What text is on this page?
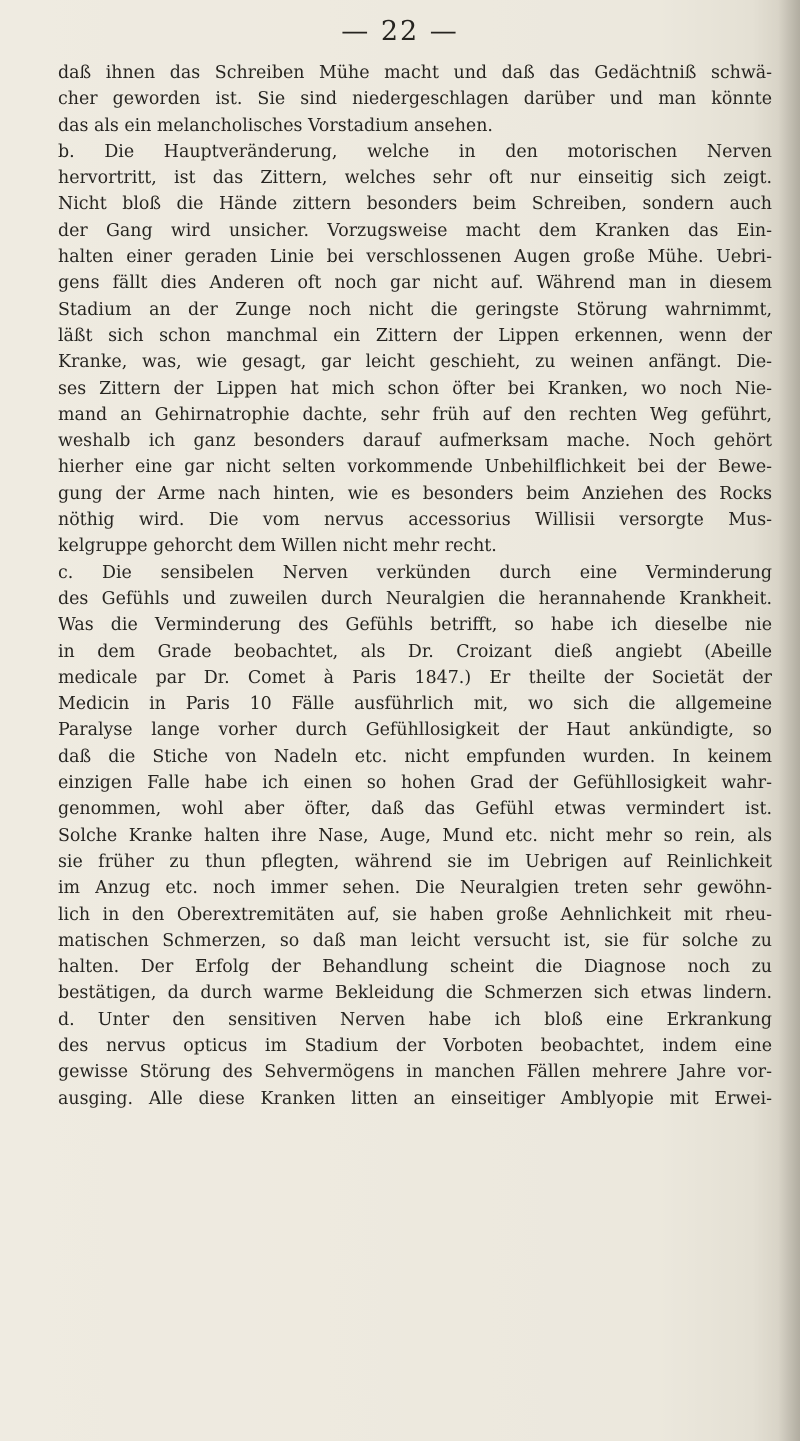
— 22 —
daß ihnen das Schreiben Mühe macht und daß das Gedächtniß schwä-
cher geworden ist. Sie sind niedergeschlagen darüber und man könnte
das als ein melancholisches Vorstadium ansehen.
b. Die Hauptveränderung, welche in den motorischen Nerven
hervortritt, ist das Zittern, welches sehr oft nur einseitig sich zeigt.
Nicht bloß die Hände zittern besonders beim Schreiben, sondern auch
der Gang wird unsicher. Vorzugsweise macht dem Kranken das Ein-
halten einer geraden Linie bei verschlossenen Augen große Mühe. Uebri-
gens fällt dies Anderen oft noch gar nicht auf. Während man in diesem
Stadium an der Zunge noch nicht die geringste Störung wahrnimmt,
läßt sich schon manchmal ein Zittern der Lippen erkennen, wenn der
Kranke, was, wie gesagt, gar leicht geschieht, zu weinen anfängt. Die-
ses Zittern der Lippen hat mich schon öfter bei Kranken, wo noch Nie-
mand an Gehirnatrophie dachte, sehr früh auf den rechten Weg geführt,
weshalb ich ganz besonders darauf aufmerksam mache. Noch gehört
hierher eine gar nicht selten vorkommende Unbehilflichkeit bei der Bewe-
gung der Arme nach hinten, wie es besonders beim Anziehen des Rocks
nöthig wird. Die vom nervus accessorius Willisii versorgte Mus-
kelgruppe gehorcht dem Willen nicht mehr recht.
c. Die sensibelen Nerven verkünden durch eine Verminderung
des Gefühls und zuweilen durch Neuralgien die herannahende Krankheit.
Was die Verminderung des Gefühls betrifft, so habe ich dieselbe nie
in dem Grade beobachtet, als Dr. Croizant dieß angiebt (Abeille
medicale par Dr. Comet à Paris 1847.) Er theilte der Societät der
Medicin in Paris 10 Fälle ausführlich mit, wo sich die allgemeine
Paralyse lange vorher durch Gefühllosigkeit der Haut ankündigte, so
daß die Stiche von Nadeln etc. nicht empfunden wurden. In keinem
einzigen Falle habe ich einen so hohen Grad der Gefühllosigkeit wahr-
genommen, wohl aber öfter, daß das Gefühl etwas vermindert ist.
Solche Kranke halten ihre Nase, Auge, Mund etc. nicht mehr so rein, als
sie früher zu thun pflegten, während sie im Uebrigen auf Reinlichkeit
im Anzug etc. noch immer sehen. Die Neuralgien treten sehr gewöhn-
lich in den Oberextremitäten auf, sie haben große Aehnlichkeit mit rheu-
matischen Schmerzen, so daß man leicht versucht ist, sie für solche zu
halten. Der Erfolg der Behandlung scheint die Diagnose noch zu
bestätigen, da durch warme Bekleidung die Schmerzen sich etwas lindern.
d. Unter den sensitiven Nerven habe ich bloß eine Erkrankung
des nervus opticus im Stadium der Vorboten beobachtet, indem eine
gewisse Störung des Sehvermögens in manchen Fällen mehrere Jahre vor-
ausging. Alle diese Kranken litten an einseitiger Amblyopie mit Erwei-
